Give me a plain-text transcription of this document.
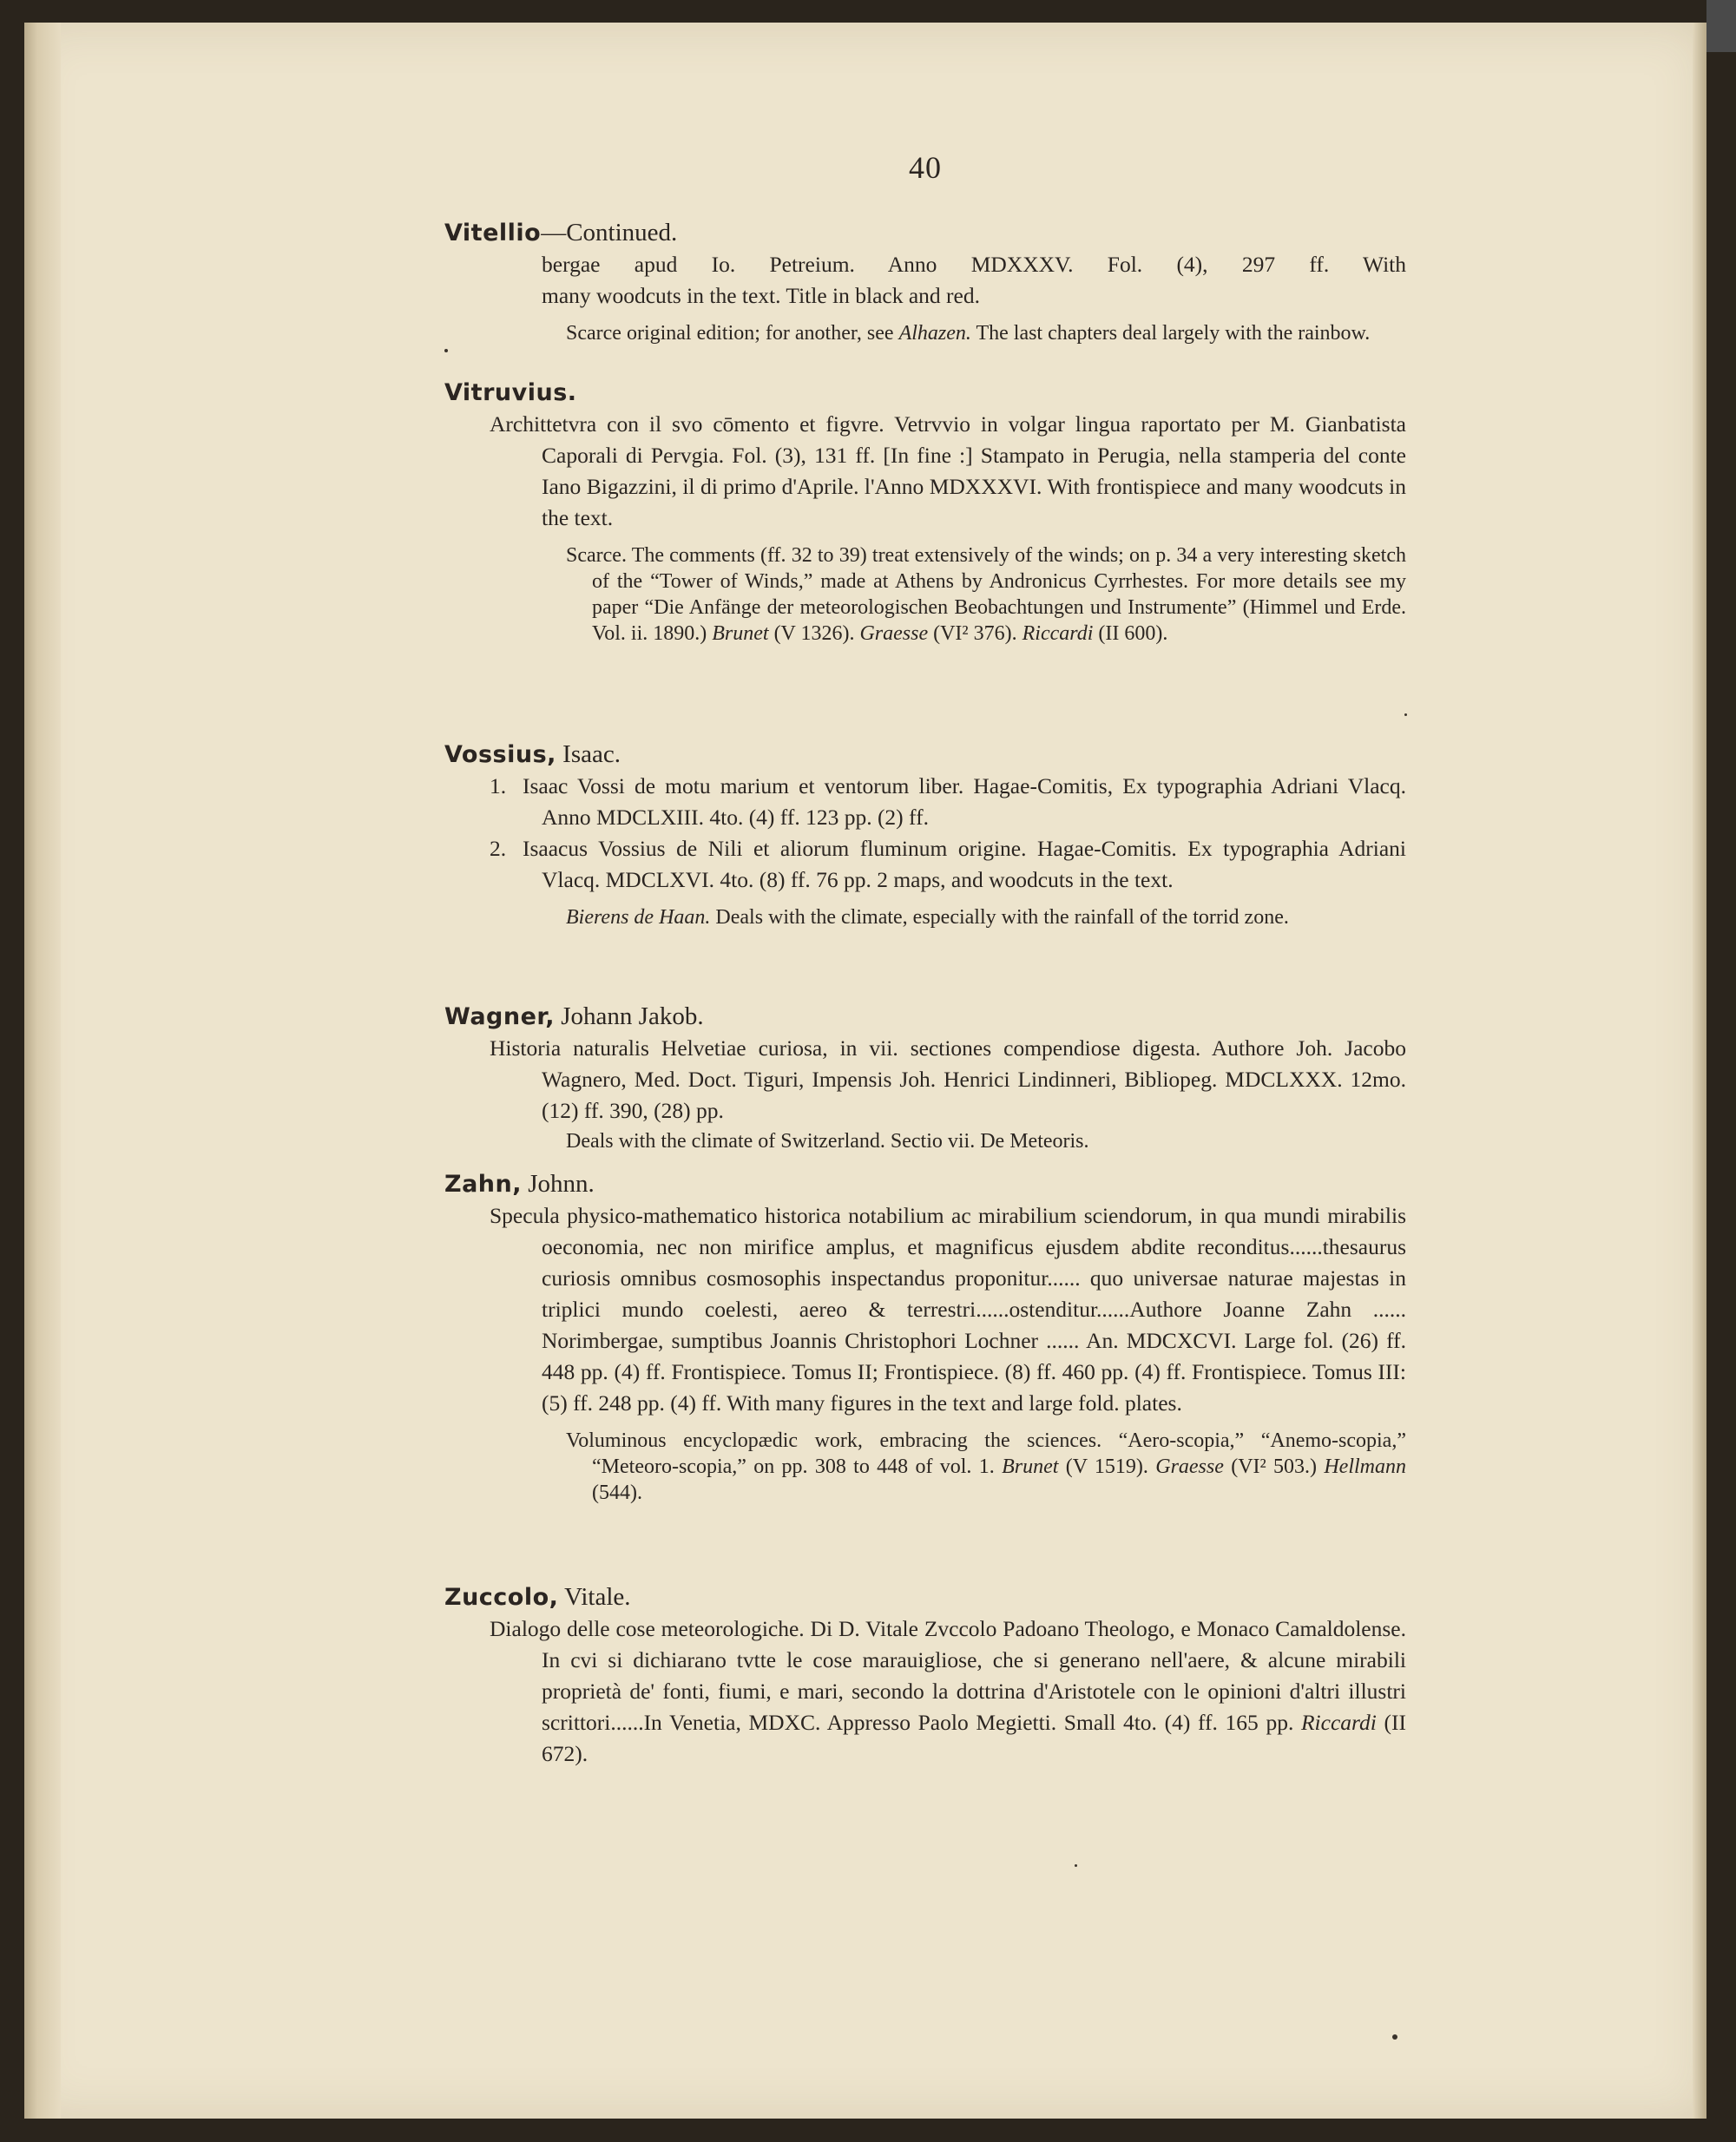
40
Vitellio—Continued.
bergae apud Io. Petreium. Anno MDXXXV. Fol. (4), 297 ff. With
many woodcuts in the text. Title in black and red.
Scarce original edition; for another, see Alhazen. The last chapters deal largely with the rainbow.
Vitruvius.
Archittetvra con il svo cōmento et figvre. Vetrvvio in volgar lingua raportato per M. Gianbatista Caporali di Pervgia. Fol. (3), 131 ff. [In fine :] Stampato in Perugia, nella stamperia del conte Iano Bigazzini, il di primo d'Aprile. l'Anno MDXXXVI. With frontispiece and many woodcuts in the text.
Scarce. The comments (ff. 32 to 39) treat extensively of the winds; on p. 34 a very interesting sketch of the “Tower of Winds,” made at Athens by Andronicus Cyrrhestes. For more details see my paper “Die Anfänge der meteorologischen Beobachtungen und Instrumente” (Himmel und Erde. Vol. ii. 1890.) Brunet (V 1326). Graesse (VI² 376). Riccardi (II 600).
Vossius, Isaac.
1. Isaac Vossi de motu marium et ventorum liber. Hagae-Comitis, Ex typographia Adriani Vlacq. Anno MDCLXIII. 4to. (4) ff. 123 pp. (2) ff.
2. Isaacus Vossius de Nili et aliorum fluminum origine. Hagae-Comitis. Ex typographia Adriani Vlacq. MDCLXVI. 4to. (8) ff. 76 pp. 2 maps, and woodcuts in the text.
Bierens de Haan. Deals with the climate, especially with the rainfall of the torrid zone.
Wagner, Johann Jakob.
Historia naturalis Helvetiae curiosa, in vii. sectiones compendiose digesta. Authore Joh. Jacobo Wagnero, Med. Doct. Tiguri, Impensis Joh. Henrici Lindinneri, Bibliopeg. MDCLXXX. 12mo. (12) ff. 390, (28) pp.
Deals with the climate of Switzerland. Sectio vii. De Meteoris.
Zahn, Johnn.
Specula physico-mathematico historica notabilium ac mirabilium sciendorum, in qua mundi mirabilis oeconomia, nec non mirifice amplus, et magnificus ejusdem abdite reconditus......thesaurus curiosis omnibus cosmosophis inspectandus proponitur...... quo universae naturae majestas in triplici mundo coelesti, aereo & terrestri......ostenditur......Authore Joanne Zahn ...... Norimbergae, sumptibus Joannis Christophori Lochner ...... An. MDCXCVI. Large fol. (26) ff. 448 pp. (4) ff. Frontispiece. Tomus II; Frontispiece. (8) ff. 460 pp. (4) ff. Frontispiece. Tomus III: (5) ff. 248 pp. (4) ff. With many figures in the text and large fold. plates.
Voluminous encyclopædic work, embracing the sciences. “Aero-scopia,” “Anemo-scopia,” “Meteoro-scopia,” on pp. 308 to 448 of vol. 1. Brunet (V 1519). Graesse (VI² 503.) Hellmann (544).
Zuccolo, Vitale.
Dialogo delle cose meteorologiche. Di D. Vitale Zvccolo Padoano Theologo, e Monaco Camaldolense. In cvi si dichiarano tvtte le cose marauigliose, che si generano nell'aere, & alcune mirabili proprietà de' fonti, fiumi, e mari, secondo la dottrina d'Aristotele con le opinioni d'altri illustri scrittori......In Venetia, MDXC. Appresso Paolo Megietti. Small 4to. (4) ff. 165 pp. Riccardi (II 672).
